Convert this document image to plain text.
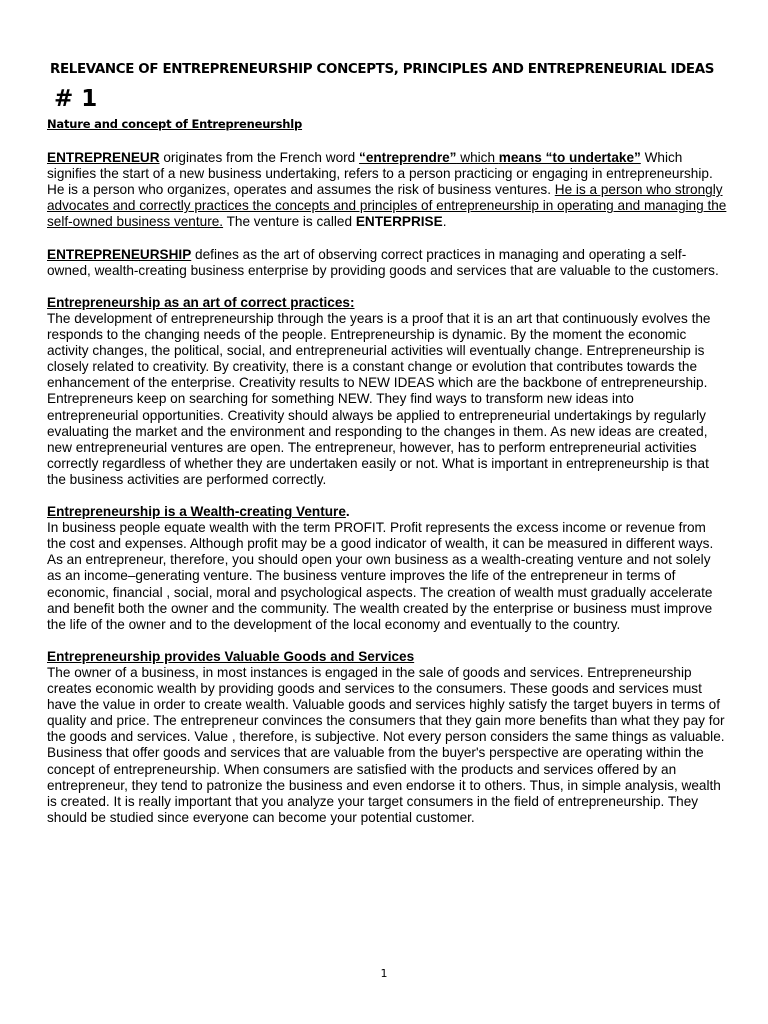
RELEVANCE OF ENTREPRENEURSHIP CONCEPTS, PRINCIPLES AND ENTREPRENEURIAL IDEAS
# 1
Nature and concept of Entrepreneurshlp

ENTREPRENEUR originates from the French word “entreprendre” which means “to undertake” Which signifies the start of a new business undertaking, refers to a person practicing or engaging in entrepreneurship. He is a person who organizes, operates and assumes the risk of business ventures. He is a person who strongly advocates and correctly practices the concepts and principles of entrepreneurship in operating and managing the self-owned business venture. The venture is called ENTERPRISE.

ENTREPRENEURSHIP defines as the art of observing correct practices in managing and operating a self-owned, wealth-creating business enterprise by providing goods and services that are valuable to the customers.

Entrepreneurship as an art of correct practices:
The development of entrepreneurship through the years is a proof that it is an art that continuously evolves the responds to the changing needs of the people. Entrepreneurship is dynamic. By the moment the economic activity changes, the political, social, and entrepreneurial activities will eventually change. Entrepreneurship is closely related to creativity. By creativity, there is a constant change or evolution that contributes towards the enhancement of the enterprise. Creativity results to NEW IDEAS which are the backbone of entrepreneurship. Entrepreneurs keep on searching for something NEW. They find ways to transform new ideas into entrepreneurial opportunities. Creativity should always be applied to entrepreneurial undertakings by regularly evaluating the market and the environment and responding to the changes in them. As new ideas are created, new entrepreneurial ventures are open. The entrepreneur, however, has to perform entrepreneurial activities correctly regardless of whether they are undertaken easily or not. What is important in entrepreneurship is that the business activities are performed correctly.

Entrepreneurship is a Wealth-creating Venture.
In business people equate wealth with the term PROFIT. Profit represents the excess income or revenue from the cost and expenses. Although profit may be a good indicator of wealth, it can be measured in different ways. As an entrepreneur, therefore, you should open your own business as a wealth-creating venture and not solely as an income–generating venture. The business venture improves the life of the entrepreneur in terms of economic, financial , social, moral and psychological aspects. The creation of wealth must gradually accelerate and benefit both the owner and the community. The wealth created by the enterprise or business must improve the life of the owner and to the development of the local economy and eventually to the country.

Entrepreneurship provides Valuable Goods and Services
The owner of a business, in most instances is engaged in the sale of goods and services. Entrepreneurship creates economic wealth by providing goods and services to the consumers. These goods and services must have the value in order to create wealth. Valuable goods and services highly satisfy the target buyers in terms of quality and price. The entrepreneur convinces the consumers that they gain more benefits than what they pay for the goods and services. Value , therefore, is subjective. Not every person considers the same things as valuable. Business that offer goods and services that are valuable from the buyer's perspective are operating within the concept of entrepreneurship. When consumers are satisfied with the products and services offered by an entrepreneur, they tend to patronize the business and even endorse it to others. Thus, in simple analysis, wealth is created. It is really important that you analyze your target consumers in the field of entrepreneurship. They should be studied since everyone can become your potential customer.

1
